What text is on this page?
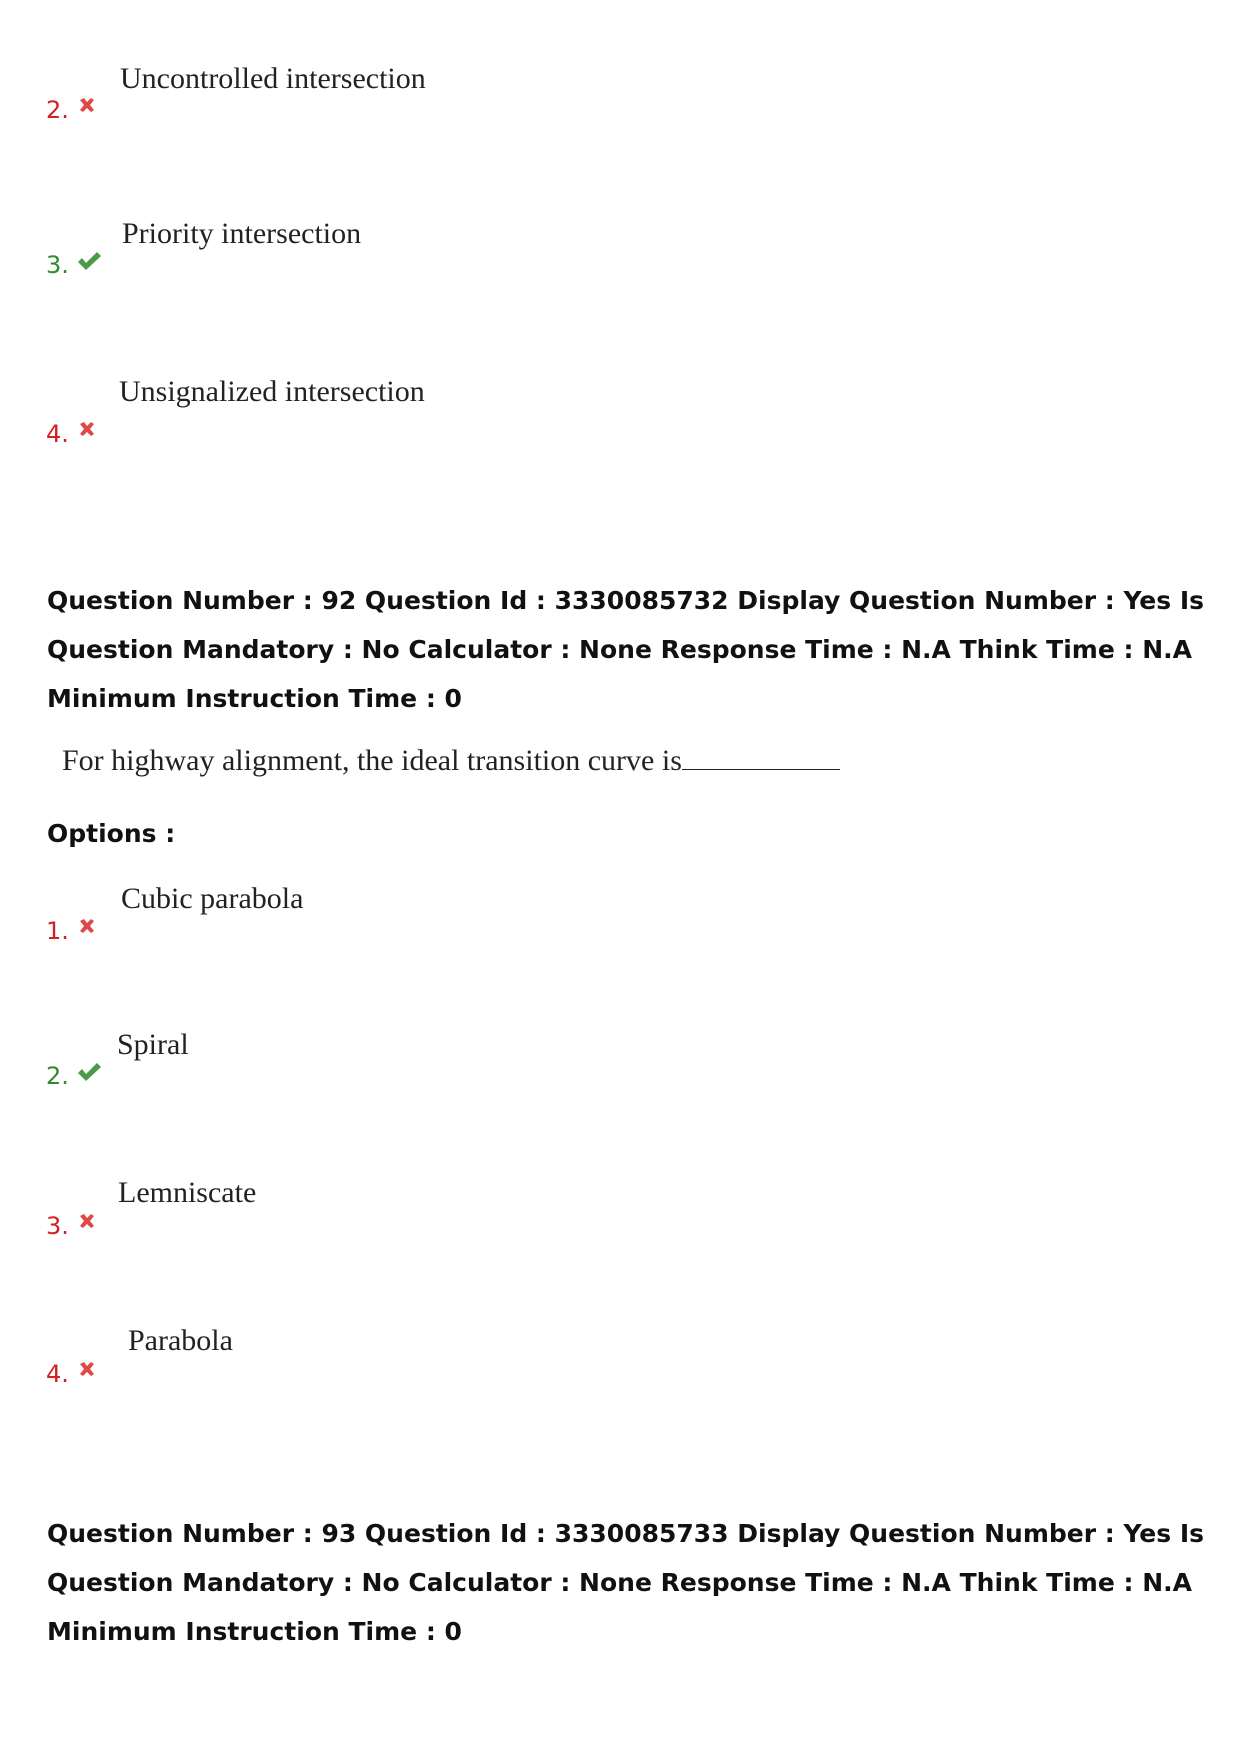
2.
Uncontrolled intersection
3.
Priority intersection
4.
Unsignalized intersection
Question Number : 92 Question Id : 3330085732 Display Question Number : Yes Is Question Mandatory : No Calculator : None Response Time : N.A Think Time : N.A Minimum Instruction Time : 0
For highway alignment, the ideal transition curve is
Options :
1.
Cubic parabola
2.
Spiral
3.
Lemniscate
4.
Parabola
Question Number : 93 Question Id : 3330085733 Display Question Number : Yes Is Question Mandatory : No Calculator : None Response Time : N.A Think Time : N.A Minimum Instruction Time : 0
